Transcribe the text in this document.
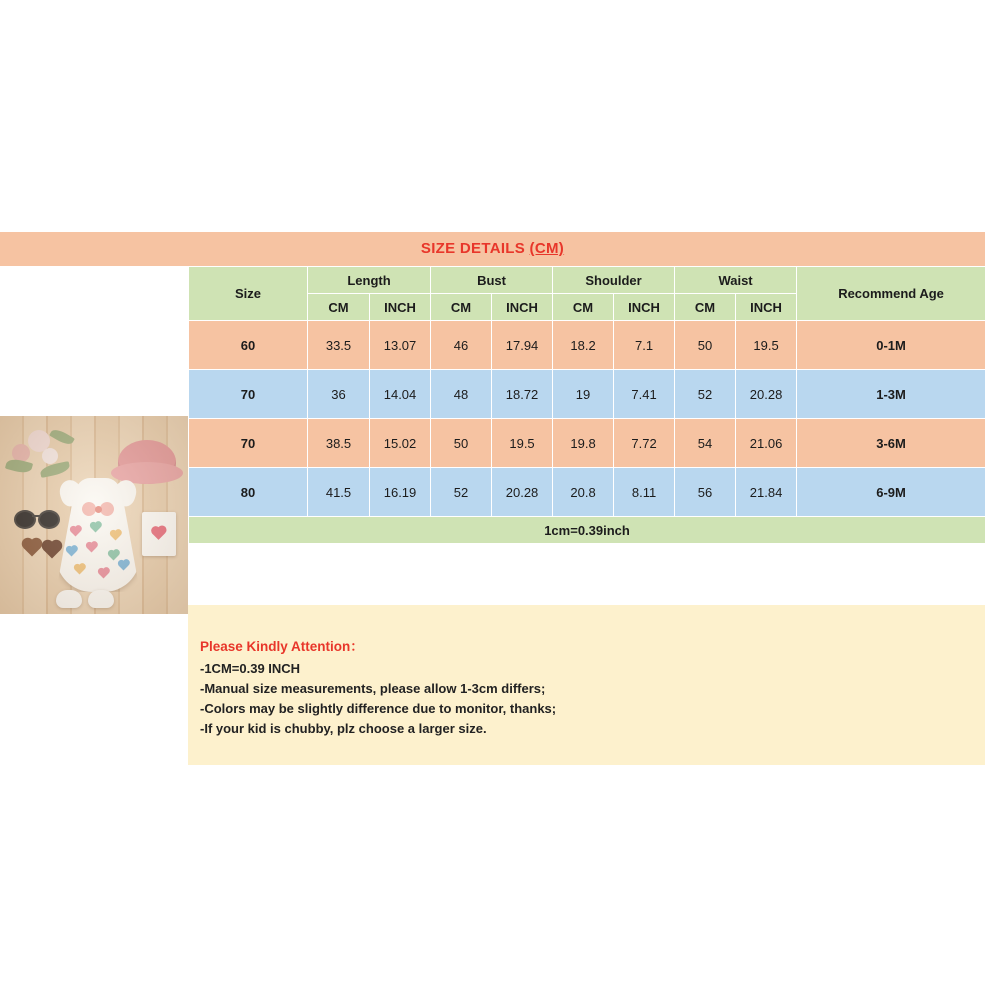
SIZE DETAILS (CM)
Size	Length		Bust		Shoulder		Waist		Recommend Age
	CM	INCH	CM	INCH	CM	INCH	CM	INCH	
60	33.5	13.07	46	17.94	18.2	7.1	50	19.5	0-1M
70	36	14.04	48	18.72	19	7.41	52	20.28	1-3M
70	38.5	15.02	50	19.5	19.8	7.72	54	21.06	3-6M
80	41.5	16.19	52	20.28	20.8	8.11	56	21.84	6-9M
1cm=0.39inch									
Please Kindly Attention：
-1CM=0.39 INCH
-Manual size measurements, please allow 1-3cm differs;
-Colors may be slightly difference due to monitor, thanks;
-If your kid is chubby, plz choose a larger size.
